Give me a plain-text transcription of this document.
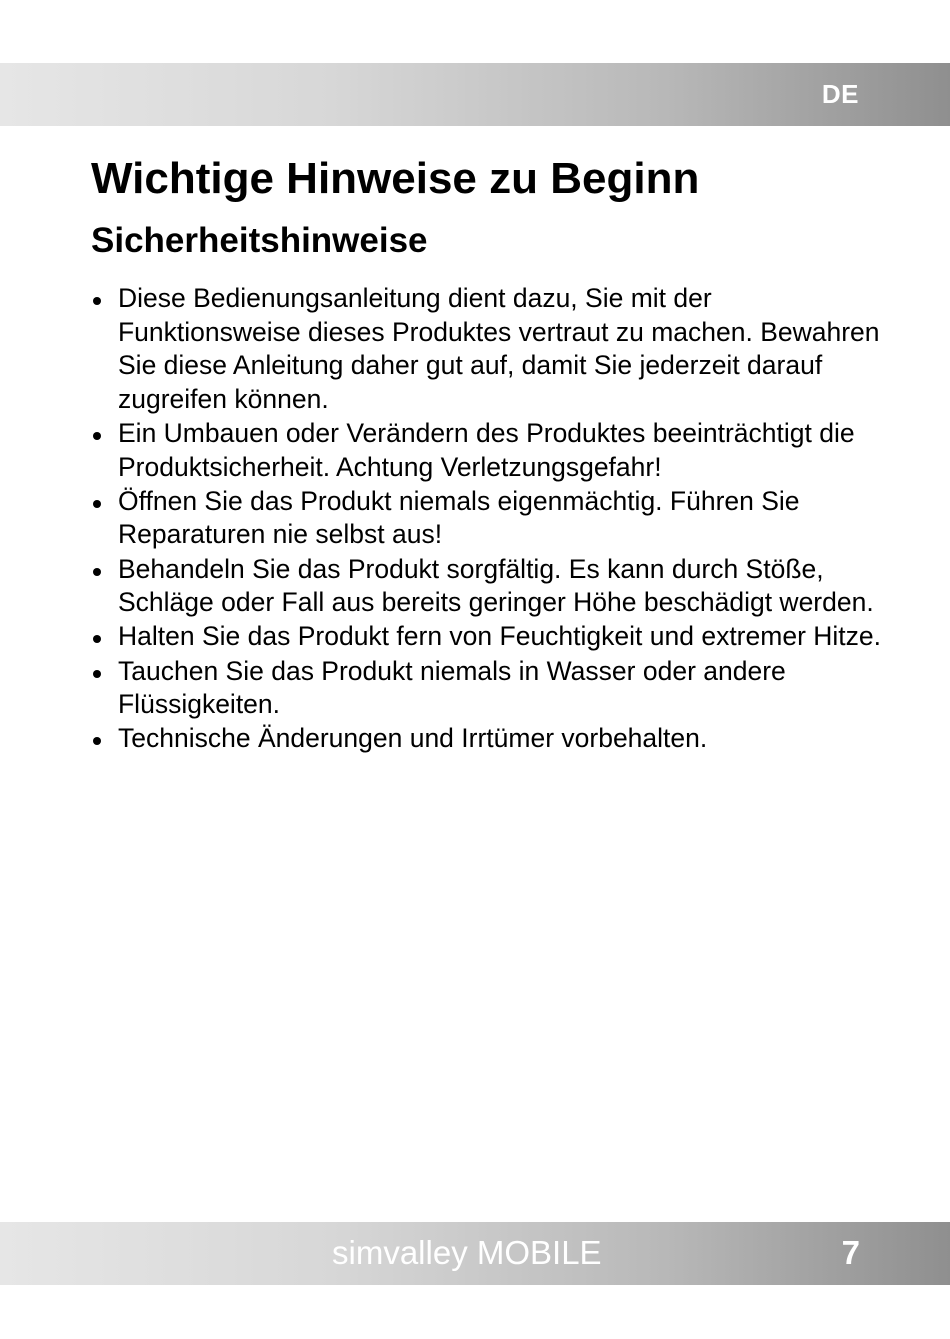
DE
Wichtige Hinweise zu Beginn
Sicherheitshinweise
Diese Bedienungsanleitung dient dazu, Sie mit der Funktionsweise dieses Produktes vertraut zu machen. Bewahren Sie diese Anleitung daher gut auf, damit Sie jederzeit darauf zugreifen können.
Ein Umbauen oder Verändern des Produktes beeinträchtigt die Produktsicherheit. Achtung Verletzungsgefahr!
Öffnen Sie das Produkt niemals eigenmächtig. Führen Sie Reparaturen nie selbst aus!
Behandeln Sie das Produkt sorgfältig. Es kann durch Stöße, Schläge oder Fall aus bereits geringer Höhe beschädigt werden.
Halten Sie das Produkt fern von Feuchtigkeit und extremer Hitze.
Tauchen Sie das Produkt niemals in Wasser oder andere Flüssigkeiten.
Technische Änderungen und Irrtümer vorbehalten.
simvalley MOBILE	7
